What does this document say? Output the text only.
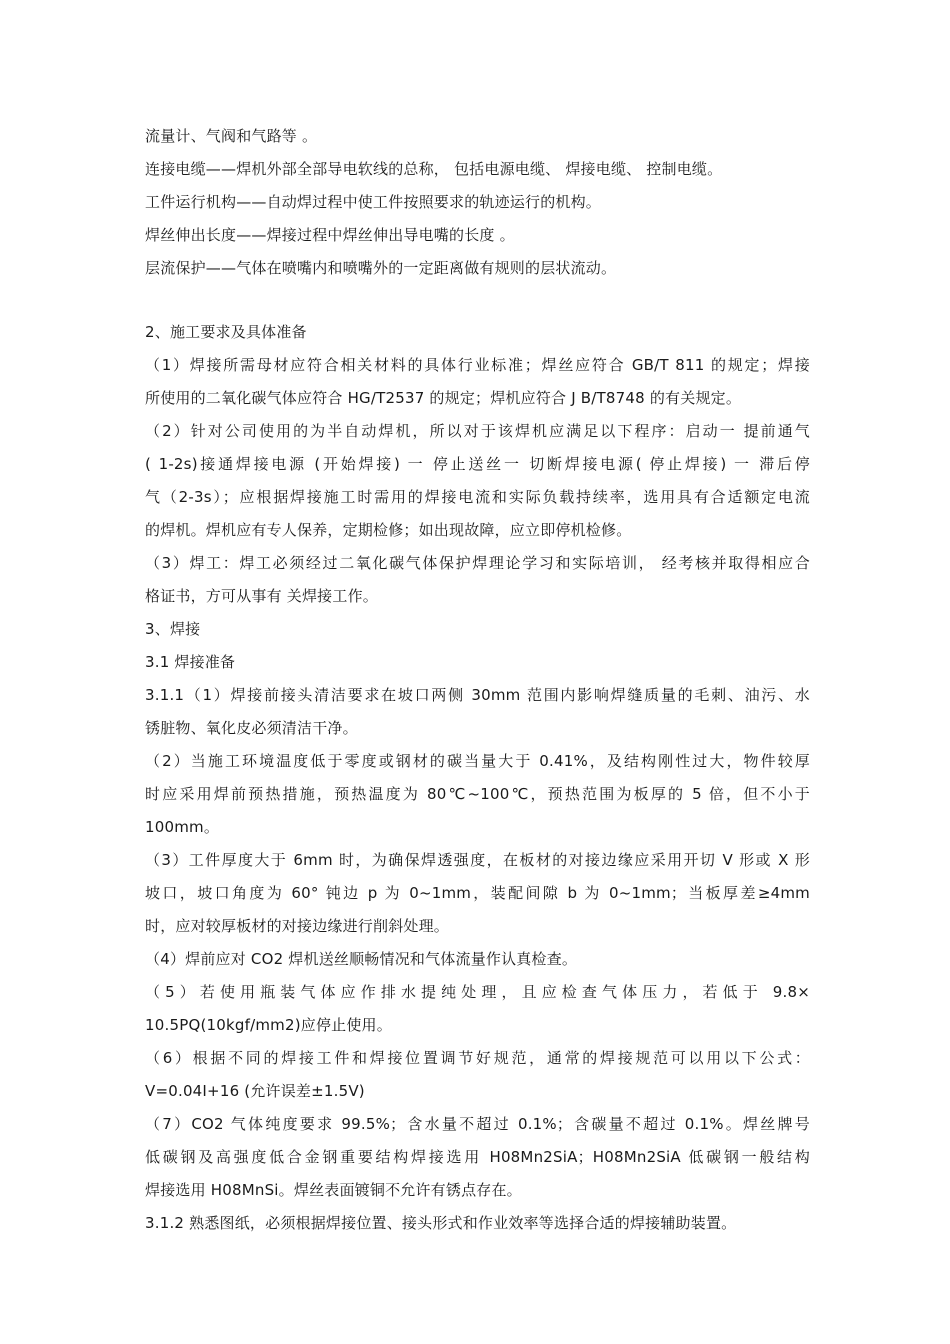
流量计、气阀和气路等 。
连接电缆——焊机外部全部导电软线的总称， 包括电源电缆、 焊接电缆、 控制电缆。
工件运行机构——自动焊过程中使工件按照要求的轨迹运行的机构。
焊丝伸出长度——焊接过程中焊丝伸出导电嘴的长度 。
层流保护——气体在喷嘴内和喷嘴外的一定距离做有规则的层状流动。
2、施工要求及具体准备
（1）焊接所需母材应符合相关材料的具体行业标准；焊丝应符合 GB/T 811 的规定；焊接
所使用的二氧化碳气体应符合 HG/T2537 的规定；焊机应符合 J B/T8748 的有关规定。
（2）针对公司使用的为半自动焊机，所以对于该焊机应满足以下程序：启动一 提前通气
( 1-2s)接通焊接电源 (开始焊接) 一 停止送丝一 切断焊接电源( 停止焊接) 一 滞后停
气（2-3s）；应根据焊接施工时需用的焊接电流和实际负载持续率，选用具有合适额定电流
的焊机。焊机应有专人保养，定期检修；如出现故障，应立即停机检修。
（3）焊工：焊工必须经过二氧化碳气体保护焊理论学习和实际培训， 经考核并取得相应合
格证书，方可从事有 关焊接工作。
3、焊接
3.1 焊接准备
3.1.1（1）焊接前接头清洁要求在坡口两侧 30mm 范围内影响焊缝质量的毛刺、油污、水
锈脏物、氧化皮必须清洁干净。
（2）当施工环境温度低于零度或钢材的碳当量大于 0.41%，及结构刚性过大，物件较厚
时应采用焊前预热措施，预热温度为 80℃~100℃，预热范围为板厚的 5 倍，但不小于
100mm。
（3）工件厚度大于 6mm 时，为确保焊透强度，在板材的对接边缘应采用开切 V 形或 X 形
坡口，坡口角度为 60° 钝边 p 为 0~1mm，装配间隙 b 为 0~1mm；当板厚差≥4mm
时，应对较厚板材的对接边缘进行削斜处理。
（4）焊前应对 CO2 焊机送丝顺畅情况和气体流量作认真检查。
（5）若使用瓶装气体应作排水提纯处理，且应检查气体压力，若低于 9.8×
10.5PQ(10kgf/mm2)应停止使用。
（6）根据不同的焊接工件和焊接位置调节好规范，通常的焊接规范可以用以下公式：
V=0.04I+16 (允许误差±1.5V)
（7）CO2 气体纯度要求 99.5%；含水量不超过 0.1%；含碳量不超过 0.1%。焊丝牌号
低碳钢及高强度低合金钢重要结构焊接选用 H08Mn2SiA；H08Mn2SiA 低碳钢一般结构
焊接选用 H08MnSi。焊丝表面镀铜不允许有锈点存在。
3.1.2 熟悉图纸，必须根据焊接位置、接头形式和作业效率等选择合适的焊接辅助装置。
